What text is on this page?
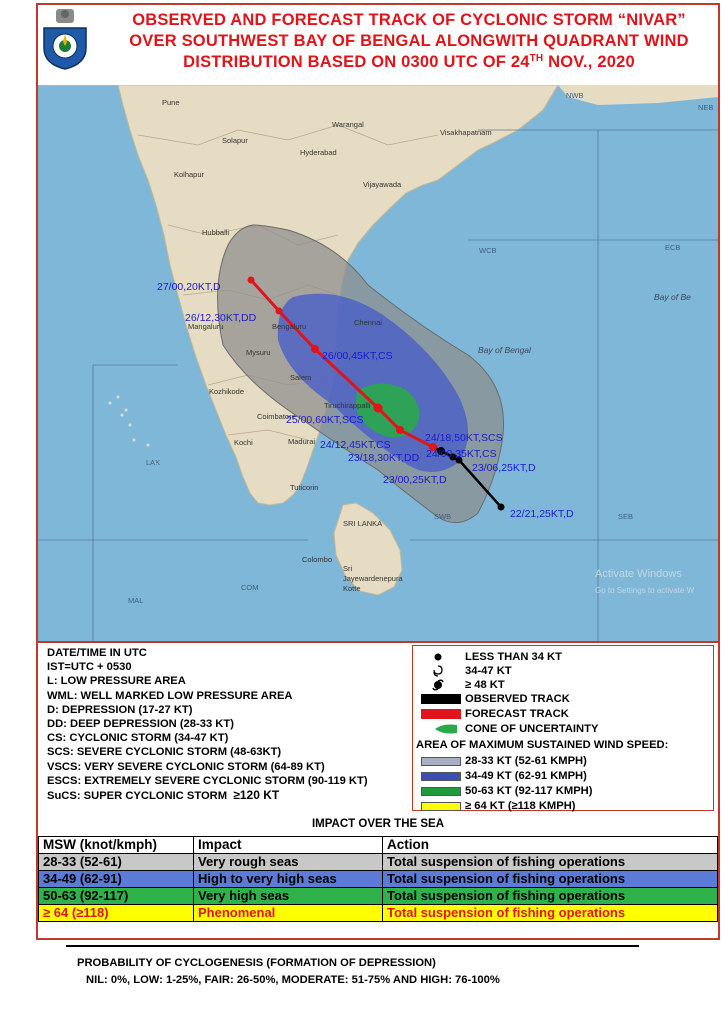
OBSERVED AND FORECAST TRACK OF CYCLONIC STORM “NIVAR”
OVER SOUTHWEST BAY OF BENGAL ALONGWITH QUADRANT WIND
DISTRIBUTION BASED ON 0300 UTC OF 24TH NOV., 2020
Pune
Warangal
Solapur
Hyderabad
Visakhapatnam
Kolhapur
Vijayawada
Hubballi
Chennai
Bengaluru
Mangaluru
Mysuru
Salem
Kozhikode
Tiruchirappalli
Coimbatore
Madurai
Kochi
Tuticorin
SRI LANKA
Colombo
Sri
Jayewardenepura
Kotte
Bay of Bengal
Bay of Be
NWB
NEB
WCB	ECB
SWB	SEB
LAK
COM
MAL
27/00,20KT,D
26/12,30KT,DD
26/00,45KT,CS
25/00,60KT,SCS
24/18,50KT,SCS
24/12,45KT,CS
24/00,35KT,CS
23/18,30KT,DD
23/06,25KT,D
23/00,25KT,D
22/21,25KT,D
Activate Windows
Go to Settings to activate W
DATE/TIME IN UTC
IST=UTC + 0530
L: LOW PRESSURE AREA
WML: WELL MARKED LOW PRESSURE AREA
D: DEPRESSION (17-27 KT)
DD: DEEP DEPRESSION (28-33 KT)
CS: CYCLONIC STORM (34-47 KT)
SCS: SEVERE CYCLONIC STORM (48-63KT)
VSCS: VERY SEVERE CYCLONIC STORM (64-89 KT)
ESCS: EXTREMELY SEVERE CYCLONIC STORM (90-119 KT)
SuCS: SUPER CYCLONIC STORM ≥120 KT
LESS THAN 34 KT
34-47 KT
≥ 48 KT
OBSERVED TRACK
FORECAST TRACK
CONE OF UNCERTAINTY
AREA OF MAXIMUM SUSTAINED WIND SPEED:
28-33 KT (52-61 KMPH)
34-49 KT (62-91 KMPH)
50-63 KT (92-117 KMPH)
≥ 64 KT (≥118 KMPH)
IMPACT OVER THE SEA
MSW (knot/kmph)	Impact	Action
28-33 (52-61)	Very rough seas	Total suspension of fishing operations
34-49 (62-91)	High to very high seas	Total suspension of fishing operations
50-63 (92-117)	Very high seas	Total suspension of fishing operations
≥ 64 (≥118)	Phenomenal	Total suspension of fishing operations
PROBABILITY OF CYCLOGENESIS (FORMATION OF DEPRESSION)
NIL: 0%, LOW: 1-25%, FAIR: 26-50%, MODERATE: 51-75% AND HIGH: 76-100%
